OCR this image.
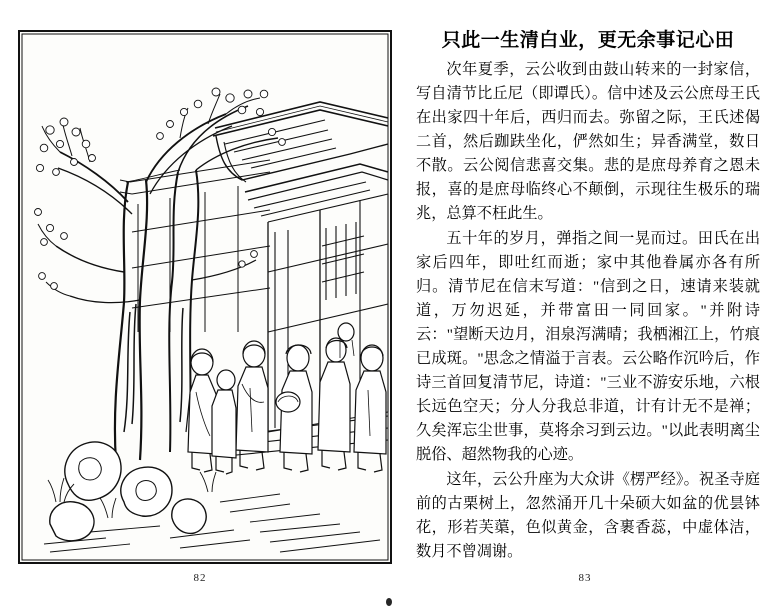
82
只此一生清白业，更无余事记心田

次年夏季，云公收到由鼓山转来的一封家信，写自清节比丘尼（即谭氏）。信中述及云公庶母王氏在出家四十年后，西归而去。弥留之际，王氏述偈二首，然后跏趺坐化，俨然如生；异香满堂，数日不散。云公阅信悲喜交集。悲的是庶母养育之恩未报，喜的是庶母临终心不颠倒，示现往生极乐的瑞兆，总算不枉此生。

五十年的岁月，弹指之间一晃而过。田氏在出家后四年，即吐红而逝；家中其他眷属亦各有所归。清节尼在信末写道："信到之日，速请来装就道，万勿迟延，并带富田一同回家。"并附诗云："望断天边月，泪泉泻满晴；我栖湘江上，竹痕已成斑。"思念之情溢于言表。云公略作沉吟后，作诗三首回复清节尼，诗道："三业不游安乐地，六根长远色空天；分人分我总非道，计有计无不是禅；久矣浑忘尘世事，莫将余习到云边。"以此表明离尘脱俗、超然物我的心迹。

这年，云公升座为大众讲《楞严经》。祝圣寺庭前的古栗树上，忽然涌开几十朵硕大如盆的优昙钵花，形若芙蕖，色似黄金，含裹香蕊，中虚体洁，数月不曾凋谢。

83
